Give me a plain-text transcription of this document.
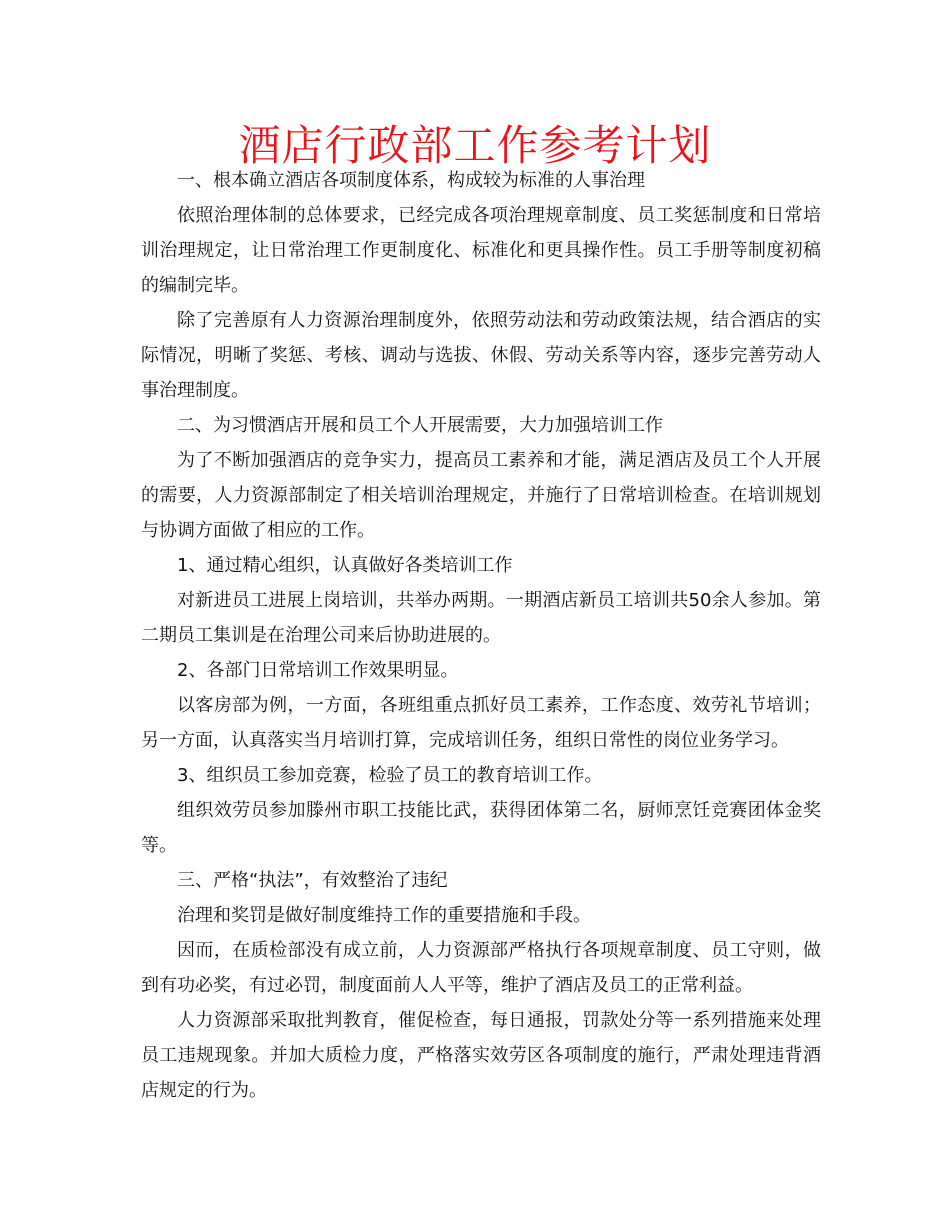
酒店行政部工作参考计划

一、根本确立酒店各项制度体系，构成较为标准的人事治理

依照治理体制的总体要求，已经完成各项治理规章制度、员工奖惩制度和日常培训治理规定，让日常治理工作更制度化、标准化和更具操作性。员工手册等制度初稿的编制完毕。

除了完善原有人力资源治理制度外，依照劳动法和劳动政策法规，结合酒店的实际情况，明晰了奖惩、考核、调动与选拔、休假、劳动关系等内容，逐步完善劳动人事治理制度。

二、为习惯酒店开展和员工个人开展需要，大力加强培训工作

为了不断加强酒店的竞争实力，提高员工素养和才能，满足酒店及员工个人开展的需要，人力资源部制定了相关培训治理规定，并施行了日常培训检查。在培训规划与协调方面做了相应的工作。

1、通过精心组织，认真做好各类培训工作

对新进员工进展上岗培训，共举办两期。一期酒店新员工培训共50余人参加。第二期员工集训是在治理公司来后协助进展的。

2、各部门日常培训工作效果明显。

以客房部为例，一方面，各班组重点抓好员工素养，工作态度、效劳礼节培训；另一方面，认真落实当月培训打算，完成培训任务，组织日常性的岗位业务学习。

3、组织员工参加竞赛，检验了员工的教育培训工作。

组织效劳员参加滕州市职工技能比武，获得团体第二名，厨师烹饪竞赛团体金奖等。

三、严格“执法”，有效整治了违纪

治理和奖罚是做好制度维持工作的重要措施和手段。

因而，在质检部没有成立前，人力资源部严格执行各项规章制度、员工守则，做到有功必奖，有过必罚，制度面前人人平等，维护了酒店及员工的正常利益。

人力资源部采取批判教育，催促检查，每日通报，罚款处分等一系列措施来处理员工违规现象。并加大质检力度，严格落实效劳区各项制度的施行，严肃处理违背酒店规定的行为。
